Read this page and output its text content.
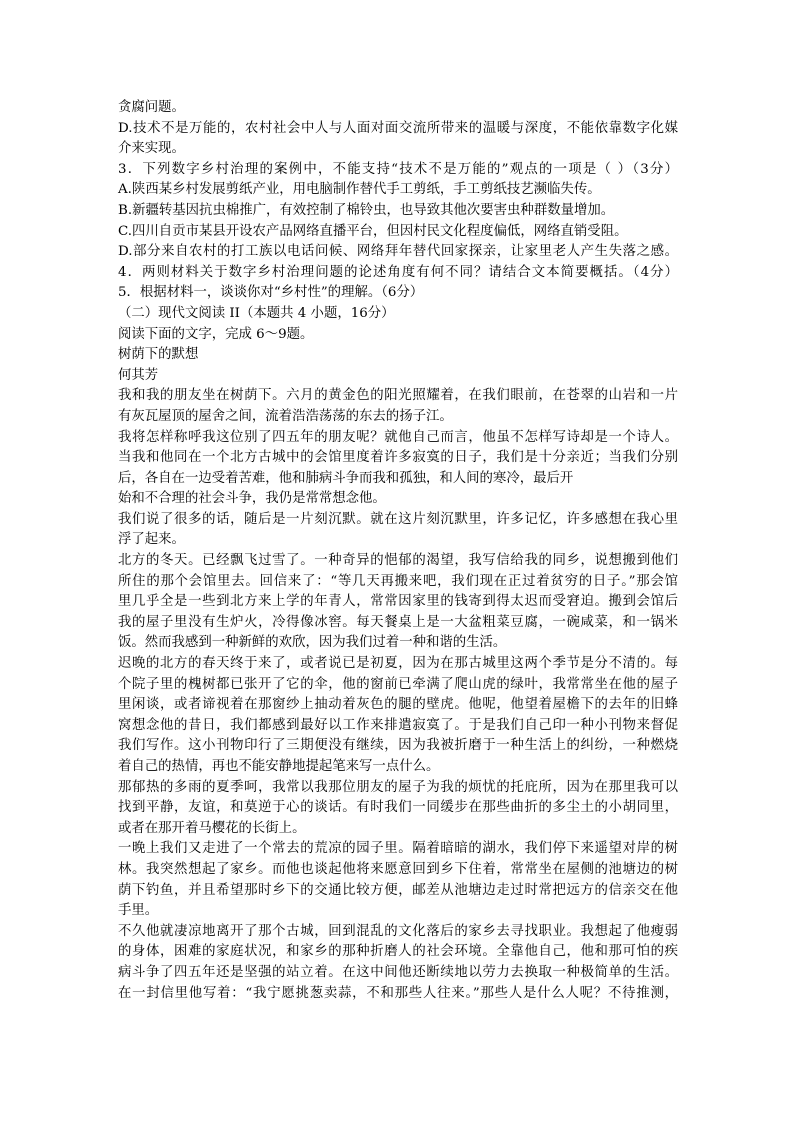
贪腐问题。
D.技术不是万能的，农村社会中人与人面对面交流所带来的温暖与深度，不能依靠数字化媒
介来实现。
3．下列数字乡村治理的案例中，不能支持“技术不是万能的”观点的一项是（ ）（3分）
A.陕西某乡村发展剪纸产业，用电脑制作替代手工剪纸，手工剪纸技艺濒临失传。
B.新疆转基因抗虫棉推广，有效控制了棉铃虫，也导致其他次要害虫种群数量增加。
C.四川自贡市某县开设农产品网络直播平台，但因村民文化程度偏低，网络直销受阻。
D.部分来自农村的打工族以电话问候、网络拜年替代回家探亲，让家里老人产生失落之感。
4．两则材料关于数字乡村治理问题的论述角度有何不同？请结合文本简要概括。（4分）
5．根据材料一，谈谈你对“乡村性”的理解。（6分）
（二）现代文阅读 II（本题共 4 小题，16分）
阅读下面的文字，完成 6～9题。
树荫下的默想
何其芳
我和我的朋友坐在树荫下。六月的黄金色的阳光照耀着，在我们眼前，在苍翠的山岩和一片
有灰瓦屋顶的屋舍之间，流着浩浩荡荡的东去的扬子江。
我将怎样称呼我这位别了四五年的朋友呢？就他自己而言，他虽不怎样写诗却是一个诗人。
当我和他同在一个北方古城中的会馆里度着许多寂寞的日子，我们是十分亲近；当我们分别
后，各自在一边受着苦难，他和肺病斗争而我和孤独，和人间的寒冷，最后开
始和不合理的社会斗争，我仍是常常想念他。
我们说了很多的话，随后是一片刻沉默。就在这片刻沉默里，许多记忆，许多感想在我心里
浮了起来。
北方的冬天。已经飘飞过雪了。一种奇异的悒郁的渴望，我写信给我的同乡，说想搬到他们
所住的那个会馆里去。回信来了：“等几天再搬来吧，我们现在正过着贫穷的日子。”那会馆
里几乎全是一些到北方来上学的年青人，常常因家里的钱寄到得太迟而受窘迫。搬到会馆后
我的屋子里没有生炉火，冷得像冰窖。每天餐桌上是一大盆粗菜豆腐，一碗咸菜，和一锅米
饭。然而我感到一种新鲜的欢欣，因为我们过着一种和谐的生活。
迟晚的北方的春天终于来了，或者说已是初夏，因为在那古城里这两个季节是分不清的。每
个院子里的槐树都已张开了它的伞，他的窗前已牵满了爬山虎的绿叶，我常常坐在他的屋子
里闲谈，或者谛视着在那窗纱上抽动着灰色的腿的壁虎。他呢，他望着屋檐下的去年的旧蜂
窝想念他的昔日，我们都感到最好以工作来排遣寂寞了。于是我们自己印一种小刊物来督促
我们写作。这小刊物印行了三期便没有继续，因为我被折磨于一种生活上的纠纷，一种燃烧
着自己的热情，再也不能安静地提起笔来写一点什么。
那郁热的多雨的夏季呵，我常以我那位朋友的屋子为我的烦忧的托庇所，因为在那里我可以
找到平静，友谊，和莫逆于心的谈话。有时我们一同缓步在那些曲折的多尘土的小胡同里，
或者在那开着马樱花的长街上。
一晚上我们又走进了一个常去的荒凉的园子里。隔着暗暗的湖水，我们停下来遥望对岸的树
林。我突然想起了家乡。而他也谈起他将来愿意回到乡下住着，常常坐在屋侧的池塘边的树
荫下钓鱼，并且希望那时乡下的交通比较方便，邮差从池塘边走过时常把远方的信亲交在他
手里。
不久他就凄凉地离开了那个古城，回到混乱的文化落后的家乡去寻找职业。我想起了他瘦弱
的身体，困难的家庭状况，和家乡的那种折磨人的社会环境。全靠他自己，他和那可怕的疾
病斗争了四五年还是坚强的站立着。在这中间他还断续地以劳力去换取一种极简单的生活。
在一封信里他写着：“我宁愿挑葱卖蒜，不和那些人往来。”那些人是什么人呢？不待推测，
